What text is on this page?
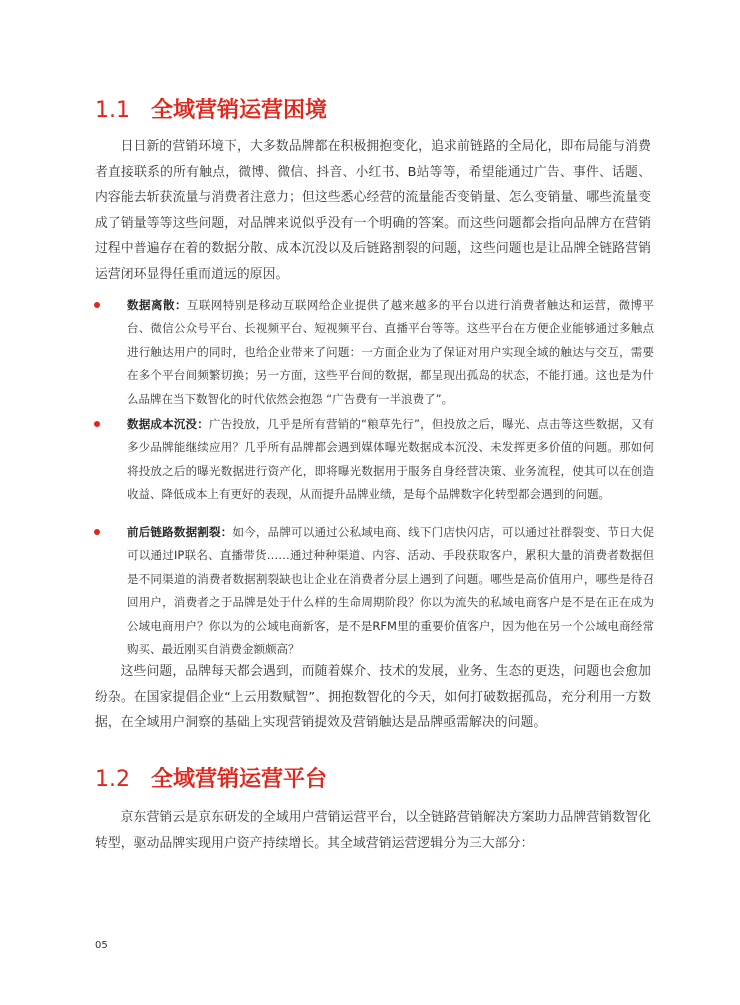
1.1 全域营销运营困境

日日新的营销环境下，大多数品牌都在积极拥抱变化，追求前链路的全局化，即布局能与消费者直接联系的所有触点，微博、微信、抖音、小红书、B站等等，希望能通过广告、事件、话题、内容能去斩获流量与消费者注意力；但这些悉心经营的流量能否变销量、怎么变销量、哪些流量变成了销量等等这些问题，对品牌来说似乎没有一个明确的答案。而这些问题都会指向品牌方在营销过程中普遍存在着的数据分散、成本沉没以及后链路割裂的问题，这些问题也是让品牌全链路营销运营闭环显得任重而道远的原因。

数据离散：互联网特别是移动互联网给企业提供了越来越多的平台以进行消费者触达和运营，微博平台、微信公众号平台、长视频平台、短视频平台、直播平台等等。这些平台在方便企业能够通过多触点进行触达用户的同时，也给企业带来了问题：一方面企业为了保证对用户实现全域的触达与交互，需要在多个平台间频繁切换；另一方面，这些平台间的数据，都呈现出孤岛的状态，不能打通。这也是为什么品牌在当下数智化的时代依然会抱怨 “广告费有一半浪费了”。
数据成本沉没：广告投放，几乎是所有营销的“粮草先行”，但投放之后，曝光、点击等这些数据，又有多少品牌能继续应用？几乎所有品牌都会遇到媒体曝光数据成本沉没、未发挥更多价值的问题。那如何将投放之后的曝光数据进行资产化，即将曝光数据用于服务自身经营决策、业务流程，使其可以在创造收益、降低成本上有更好的表现，从而提升品牌业绩，是每个品牌数字化转型都会遇到的问题。
前后链路数据割裂：如今，品牌可以通过公私域电商、线下门店快闪店，可以通过社群裂变、节日大促可以通过IP联名、直播带货……通过种种渠道、内容、活动、手段获取客户，累积大量的消费者数据但是不同渠道的消费者数据割裂缺也让企业在消费者分层上遇到了问题。哪些是高价值用户，哪些是待召回用户，消费者之于品牌是处于什么样的生命周期阶段？你以为流失的私域电商客户是不是在正在成为公域电商用户？你以为的公域电商新客，是不是RFM里的重要价值客户，因为他在另一个公域电商经常购买、最近刚买自消费金额颇高？

这些问题，品牌每天都会遇到，而随着媒介、技术的发展，业务、生态的更迭，问题也会愈加纷杂。在国家提倡企业“上云用数赋智”、拥抱数智化的今天，如何打破数据孤岛，充分利用一方数据，在全域用户洞察的基础上实现营销提效及营销触达是品牌亟需解决的问题。

1.2 全域营销运营平台

京东营销云是京东研发的全域用户营销运营平台，以全链路营销解决方案助力品牌营销数智化转型，驱动品牌实现用户资产持续增长。其全域营销运营逻辑分为三大部分：

05
